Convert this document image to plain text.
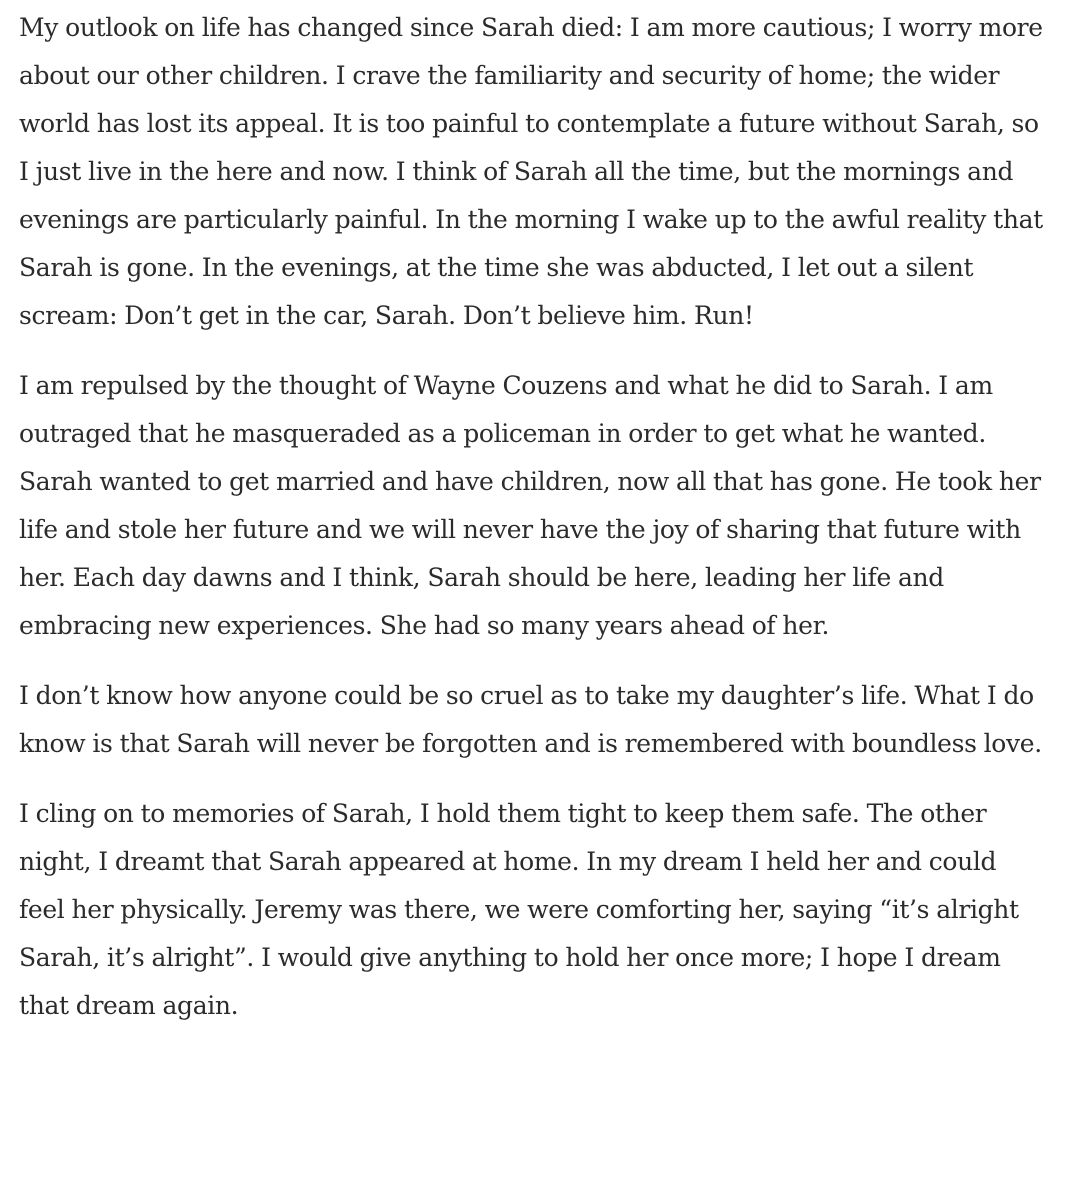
My outlook on life has changed since Sarah died: I am more cautious; I worry more about our other children. I crave the familiarity and security of home; the wider world has lost its appeal. It is too painful to contemplate a future without Sarah, so I just live in the here and now. I think of Sarah all the time, but the mornings and evenings are particularly painful. In the morning I wake up to the awful reality that Sarah is gone. In the evenings, at the time she was abducted, I let out a silent scream: Don’t get in the car, Sarah. Don’t believe him. Run!

I am repulsed by the thought of Wayne Couzens and what he did to Sarah. I am outraged that he masqueraded as a policeman in order to get what he wanted. Sarah wanted to get married and have children, now all that has gone. He took her life and stole her future and we will never have the joy of sharing that future with her. Each day dawns and I think, Sarah should be here, leading her life and embracing new experiences. She had so many years ahead of her.

I don’t know how anyone could be so cruel as to take my daughter’s life. What I do know is that Sarah will never be forgotten and is remembered with boundless love.

I cling on to memories of Sarah, I hold them tight to keep them safe. The other night, I dreamt that Sarah appeared at home. In my dream I held her and could feel her physically. Jeremy was there, we were comforting her, saying “it’s alright Sarah, it’s alright”. I would give anything to hold her once more; I hope I dream that dream again.
